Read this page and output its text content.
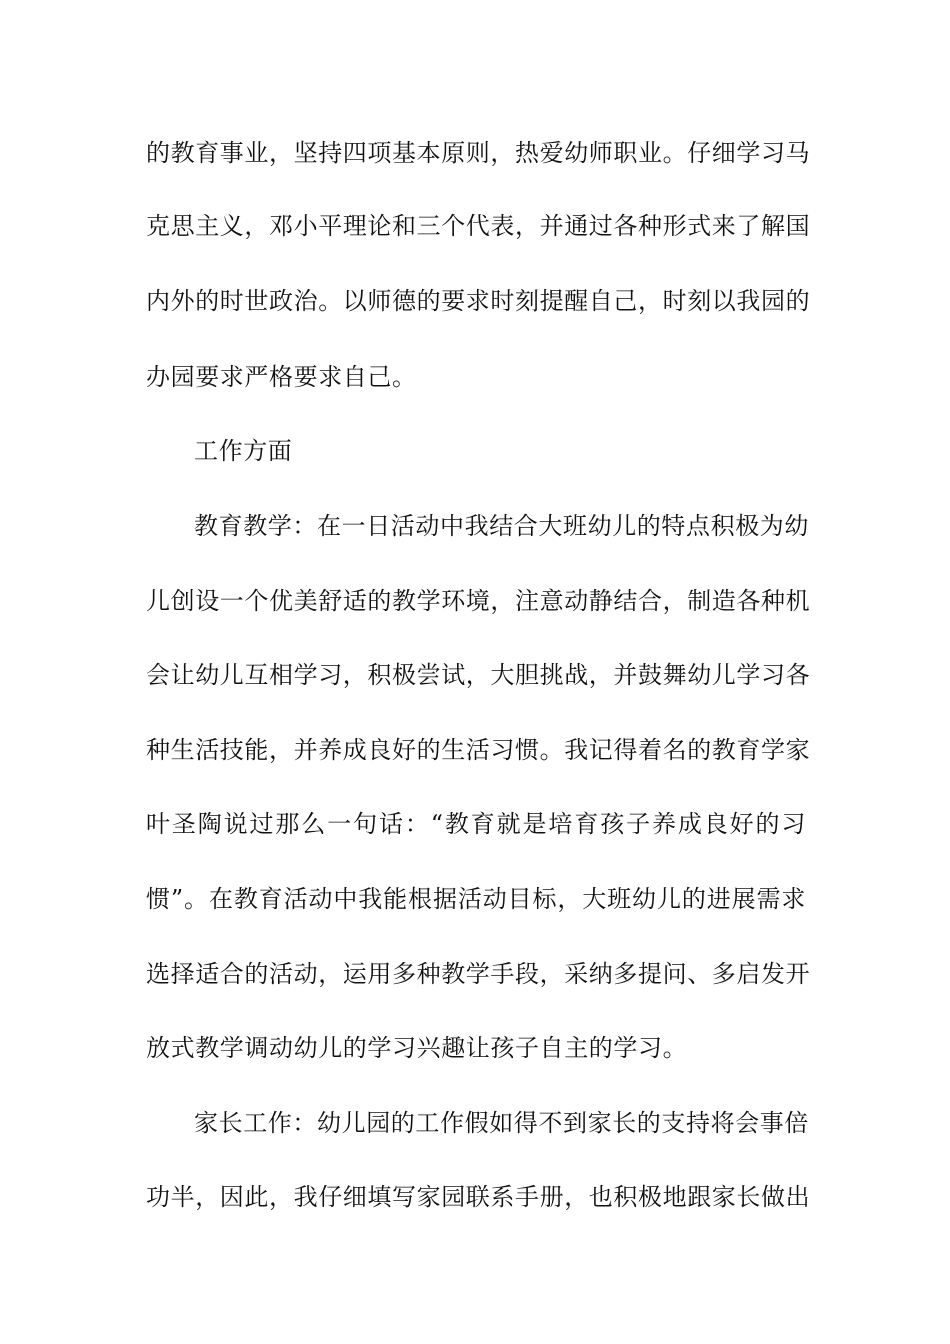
的教育事业，坚持四项基本原则，热爱幼师职业。仔细学习马
克思主义，邓小平理论和三个代表，并通过各种形式来了解国
内外的时世政治。以师德的要求时刻提醒自己，时刻以我园的
办园要求严格要求自己。
工作方面
教育教学：在一日活动中我结合大班幼儿的特点积极为幼
儿创设一个优美舒适的教学环境，注意动静结合，制造各种机
会让幼儿互相学习，积极尝试，大胆挑战，并鼓舞幼儿学习各
种生活技能，并养成良好的生活习惯。我记得着名的教育学家
叶圣陶说过那么一句话：“教育就是培育孩子养成良好的习
惯”。在教育活动中我能根据活动目标，大班幼儿的进展需求
选择适合的活动，运用多种教学手段，采纳多提问、多启发开
放式教学调动幼儿的学习兴趣让孩子自主的学习。
家长工作：幼儿园的工作假如得不到家长的支持将会事倍
功半，因此，我仔细填写家园联系手册，也积极地跟家长做出
